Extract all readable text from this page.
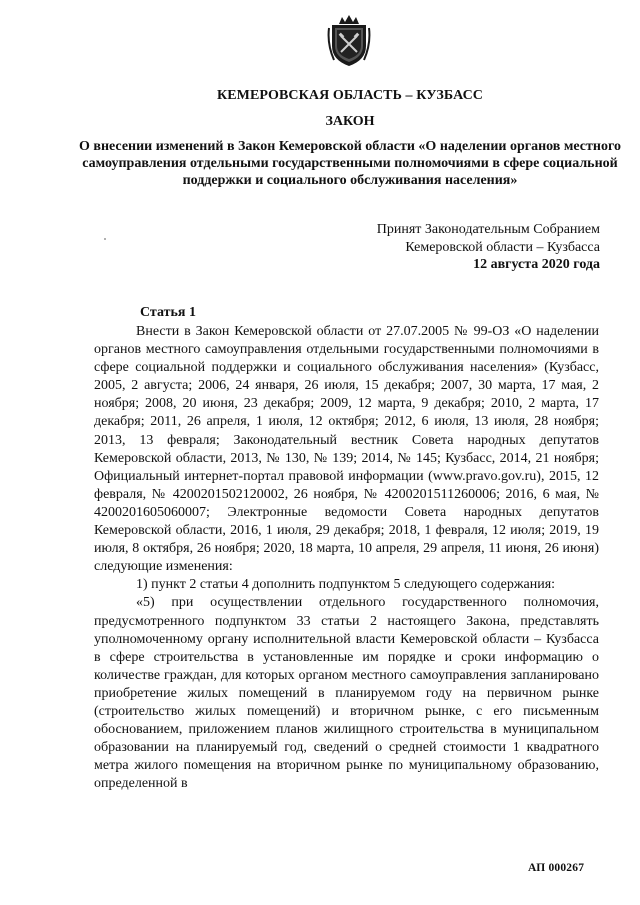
КЕМЕРОВСКАЯ ОБЛАСТЬ – КУЗБАСС

ЗАКОН

О внесении изменений в Закон Кемеровской области «О наделении органов местного самоуправления отдельными государственными полномочиями в сфере социальной поддержки и социального обслуживания населения»

Принят Законодательным Собранием
Кемеровской области – Кузбасса
12 августа 2020 года

Статья 1

Внести в Закон Кемеровской области от 27.07.2005 № 99-ОЗ «О наделении органов местного самоуправления отдельными государственными полномочиями в сфере социальной поддержки и социального обслуживания населения» (Кузбасс, 2005, 2 августа; 2006, 24 января, 26 июля, 15 декабря; 2007, 30 марта, 17 мая, 2 ноября; 2008, 20 июня, 23 декабря; 2009, 12 марта, 9 декабря; 2010, 2 марта, 17 декабря; 2011, 26 апреля, 1 июля, 12 октября; 2012, 6 июля, 13 июля, 28 ноября; 2013, 13 февраля; Законодательный вестник Совета народных депутатов Кемеровской области, 2013, № 130, № 139; 2014, № 145; Кузбасс, 2014, 21 ноября; Официальный интернет-портал правовой информации (www.pravo.gov.ru), 2015, 12 февраля, № 4200201502120002, 26 ноября, № 4200201511260006; 2016, 6 мая, № 4200201605060007; Электронные ведомости Совета народных депутатов Кемеровской области, 2016, 1 июля, 29 декабря; 2018, 1 февраля, 12 июля; 2019, 19 июля, 8 октября, 26 ноября; 2020, 18 марта, 10 апреля, 29 апреля, 11 июня, 26 июня) следующие изменения:

1) пункт 2 статьи 4 дополнить подпунктом 5 следующего содержания:

«5) при осуществлении отдельного государственного полномочия, предусмотренного подпунктом 33 статьи 2 настоящего Закона, представлять уполномоченному органу исполнительной власти Кемеровской области – Кузбасса в сфере строительства в установленные им порядке и сроки информацию о количестве граждан, для которых органом местного самоуправления запланировано приобретение жилых помещений в планируемом году на первичном рынке (строительство жилых помещений) и вторичном рынке, с его письменным обоснованием, приложением планов жилищного строительства в муниципальном образовании на планируемый год, сведений о средней стоимости 1 квадратного метра жилого помещения на вторичном рынке по муниципальному образованию, определенной в

АП 000267
